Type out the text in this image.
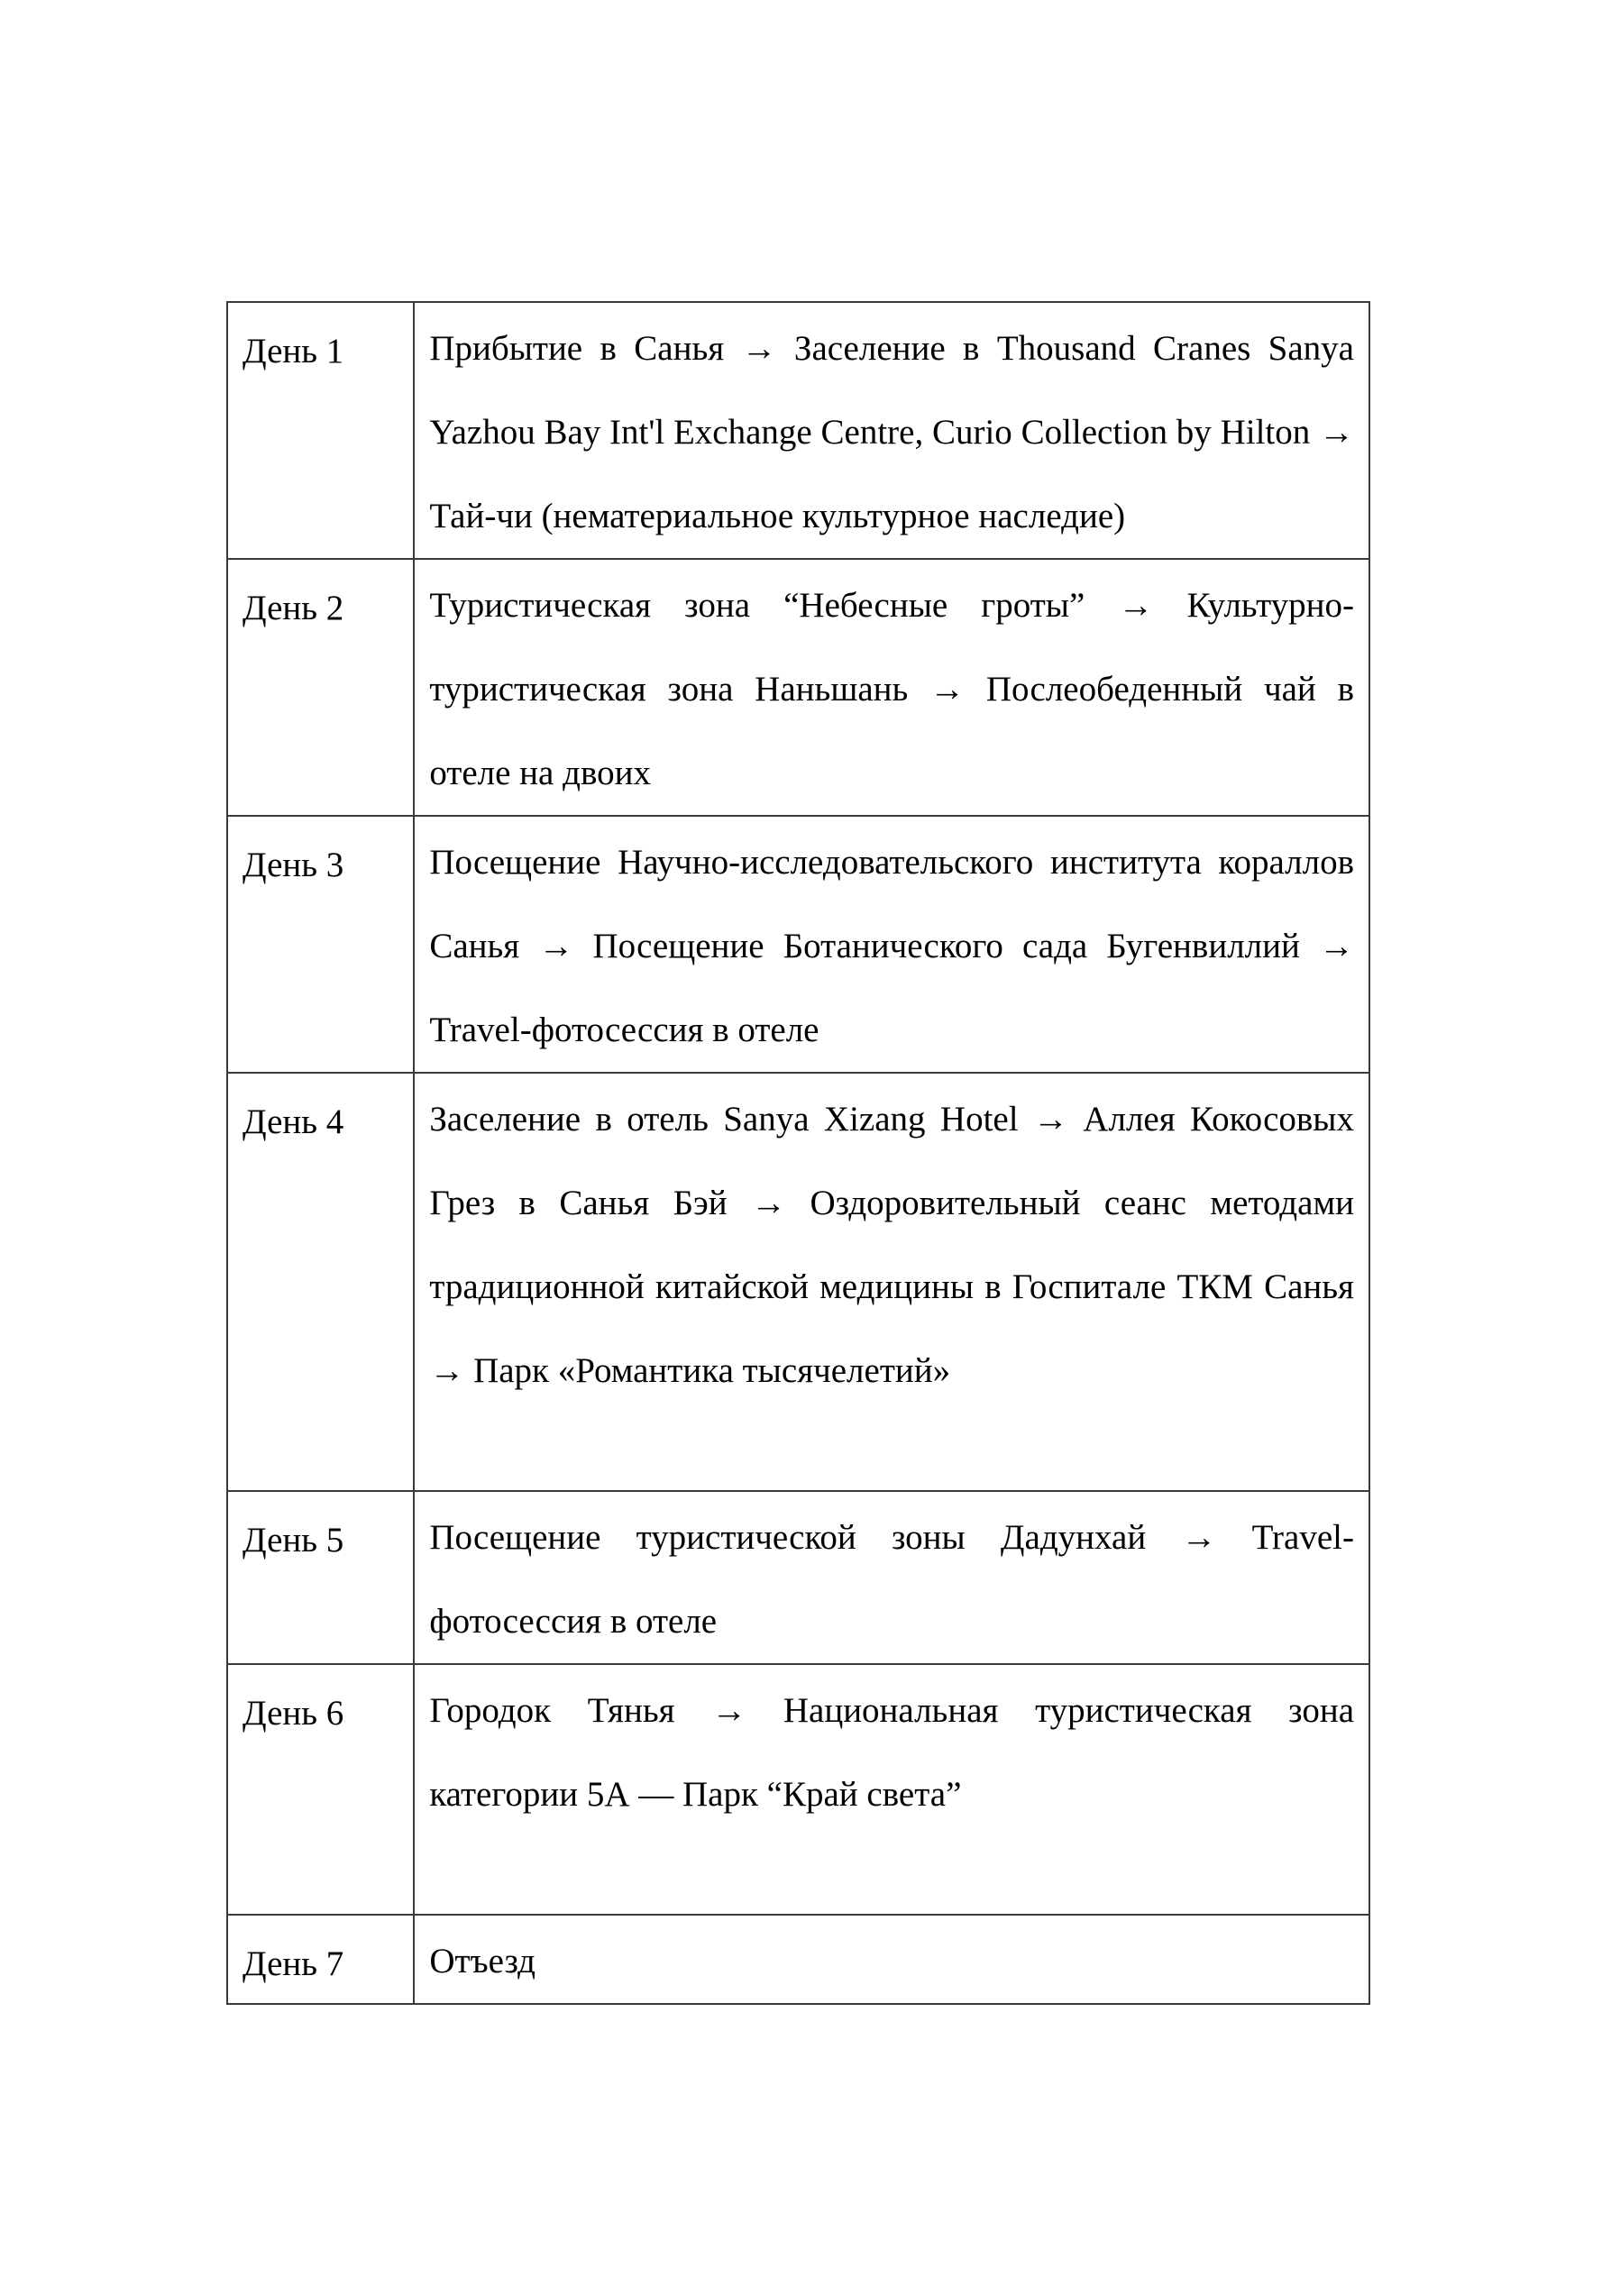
День 1	Прибытие в Санья → Заселение в Thousand Cranes Sanya Yazhou Bay Int'l Exchange Centre, Curio Collection by Hilton → Тай-чи (нематериальное культурное наследие)

День 2	Туристическая зона “Небесные гроты” → Культурно-туристическая зона Наньшань → Послеобеденный чай в отеле на двоих

День 3	Посещение Научно-исследовательского института кораллов Санья → Посещение Ботанического сада Бугенвиллий → Travel-фотосессия в отеле

День 4	Заселение в отель Sanya Xizang Hotel → Аллея Кокосовых Грез в Санья Бэй → Оздоровительный сеанс методами традиционной китайской медицины в Госпитале ТКМ Санья → Парк «Романтика тысячелетий»

День 5	Посещение туристической зоны Дадунхай → Travel-фотосессия в отеле

День 6	Городок Тянья → Национальная туристическая зона категории 5А — Парк “Край света”

День 7	Отъезд
